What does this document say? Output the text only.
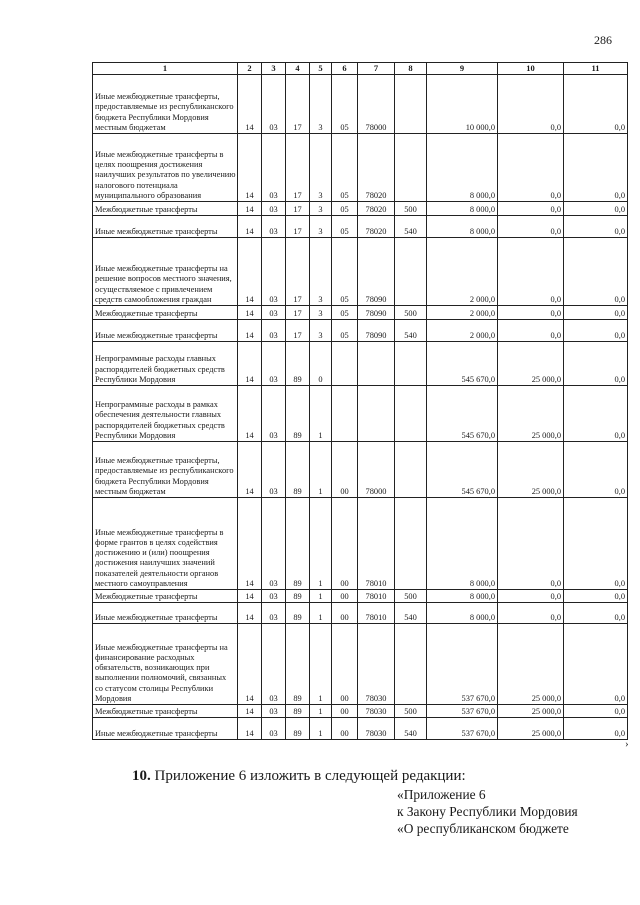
286
1	2	3	4	5	6	7	8	9	10	11
Иные межбюджетные трансферты, предоставляемые из республиканского бюджета Республики Мордовия местным бюджетам	14	03	17	3	05	78000		10 000,0	0,0	0,0
Иные межбюджетные трансферты в целях поощрения достижения наилучших результатов по увеличению налогового потенциала муниципального образования	14	03	17	3	05	78020		8 000,0	0,0	0,0
Межбюджетные трансферты	14	03	17	3	05	78020	500	8 000,0	0,0	0,0
Иные межбюджетные трансферты	14	03	17	3	05	78020	540	8 000,0	0,0	0,0
Иные межбюджетные трансферты на решение вопросов местного значения, осуществляемое с привлечением средств самообложения граждан	14	03	17	3	05	78090		2 000,0	0,0	0,0
Межбюджетные трансферты	14	03	17	3	05	78090	500	2 000,0	0,0	0,0
Иные межбюджетные трансферты	14	03	17	3	05	78090	540	2 000,0	0,0	0,0
Непрограммные расходы главных распорядителей бюджетных средств Республики Мордовия	14	03	89	0				545 670,0	25 000,0	0,0
Непрограммные расходы в рамках обеспечения деятельности главных распорядителей бюджетных средств Республики Мордовия	14	03	89	1				545 670,0	25 000,0	0,0
Иные межбюджетные трансферты, предоставляемые из республиканского бюджета Республики Мордовия местным бюджетам	14	03	89	1	00	78000		545 670,0	25 000,0	0,0
Иные межбюджетные трансферты в форме грантов в целях содействия достижению и (или) поощрения достижения наилучших значений показателей деятельности органов местного самоуправления	14	03	89	1	00	78010		8 000,0	0,0	0,0
Межбюджетные трансферты	14	03	89	1	00	78010	500	8 000,0	0,0	0,0
Иные межбюджетные трансферты	14	03	89	1	00	78010	540	8 000,0	0,0	0,0
Иные межбюджетные трансферты на финансирование расходных обязательств, возникающих при выполнении полномочий, связанных со статусом столицы Республики Мордовия	14	03	89	1	00	78030		537 670,0	25 000,0	0,0
Межбюджетные трансферты	14	03	89	1	00	78030	500	537 670,0	25 000,0	0,0
Иные межбюджетные трансферты	14	03	89	1	00	78030	540	537 670,0	25 000,0	0,0
›
10. Приложение 6 изложить в следующей редакции:
«Приложение 6
к Закону Республики Мордовия
«О республиканском бюджете
